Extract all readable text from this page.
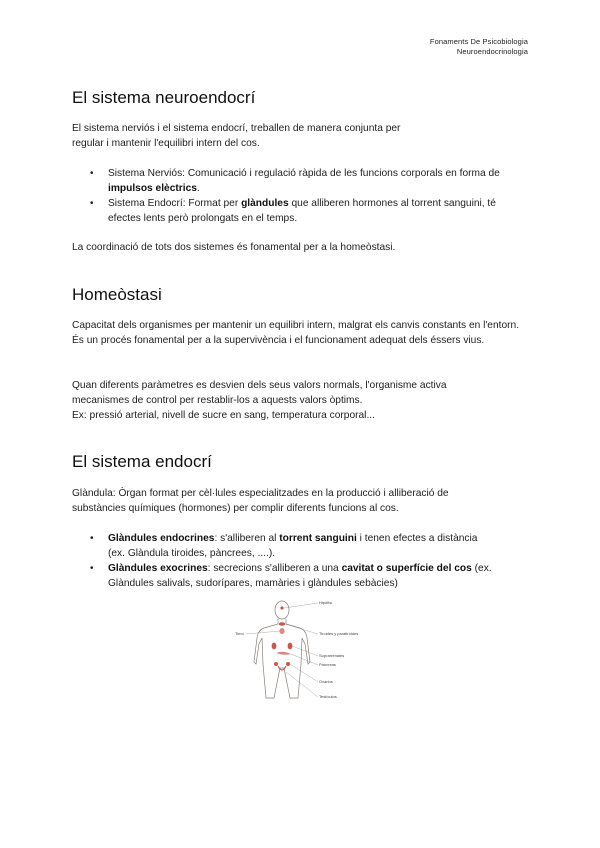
Fonaments De Psicobiologia
Neuroendocrinologia
El sistema neuroendocrí

El sistema nerviós i el sistema endocrí, treballen de manera conjunta per

regular i mantenir l'equilibri intern del cos.

• Sistema Nerviós: Comunicació i regulació ràpida de les funcions corporals en forma de impulsos elèctrics.
• Sistema Endocrí: Format per glàndules que alliberen hormones al torrent sanguini, té efectes lents però prolongats en el temps.

La coordinació de tots dos sistemes és fonamental per a la homeòstasi.

Homeòstasi

Capacitat dels organismes per mantenir un equilibri intern, malgrat els canvis constants en l'entorn. És un procés fonamental per a la supervivència i el funcionament adequat dels éssers vius.

Quan diferents paràmetres es desvien dels seus valors normals, l'organisme activa

mecanismes de control per restablir-los a aquests valors òptims.

Ex: pressió arterial, nivell de sucre en sang, temperatura corporal...

El sistema endocrí

Glàndula: Òrgan format per cèl·lules especialitzades en la producció i alliberació de

substàncies químiques (hormones) per complir diferents funcions al cos.

• Glàndules endocrines: s'alliberen al torrent sanguini i tenen efectes a distància
(ex. Glàndula tiroides, pàncrees, ....).
• Glàndules exocrines: secrecions s'alliberen a una cavitat o superfície del cos (ex. Glàndules salivals, sudorípares, mamàries i glàndules sebàcies)
Hipòfisi
Timo	Tiroides y paratiroides
Suprarrenales
Páncreas
Ovarios
Testículos
